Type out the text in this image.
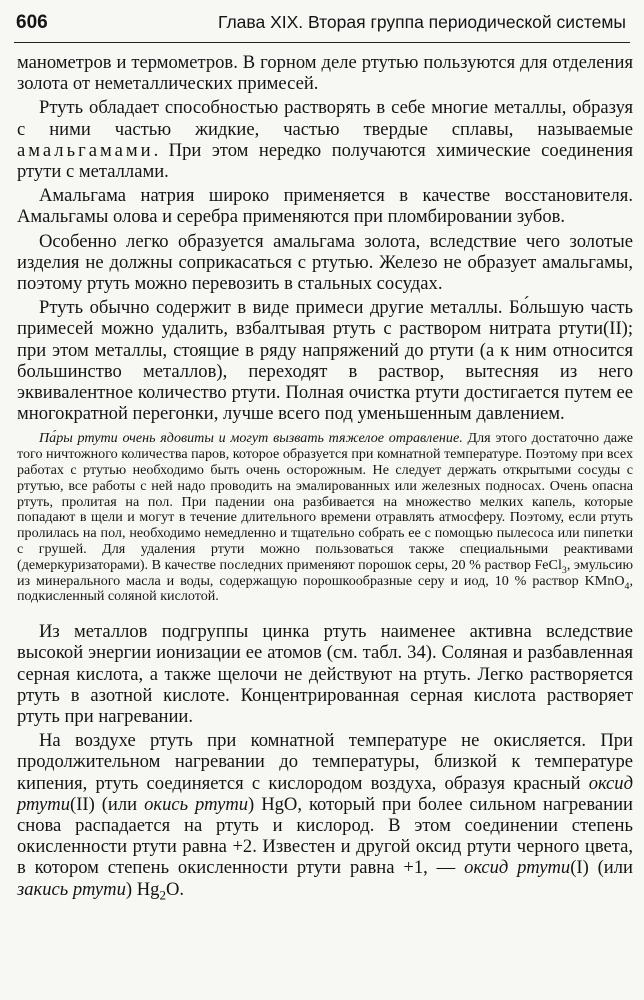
606	Глава XIX. Вторая группа периодической системы

манометров и термометров. В горном деле ртутью пользуются для отделения золота от неметаллических примесей.

Ртуть обладает способностью растворять в себе многие металлы, образуя с ними частью жидкие, частью твердые сплавы, называемые амальгамами. При этом нередко получаются химические соединения ртути с металлами.

Амальгама натрия широко применяется в качестве восстановителя. Амальгамы олова и серебра применяются при пломбировании зубов.

Особенно легко образуется амальгама золота, вследствие чего золотые изделия не должны соприкасаться с ртутью. Железо не образует амальгамы, поэтому ртуть можно перевозить в стальных сосудах.

Ртуть обычно содержит в виде примеси другие металлы. Бо́льшую часть примесей можно удалить, взбалтывая ртуть с раствором нитрата ртути(II); при этом металлы, стоящие в ряду напряжений до ртути (а к ним относится большинство металлов), переходят в раствор, вытесняя из него эквивалентное количество ртути. Полная очистка ртути достигается путем ее многократной перегонки, лучше всего под уменьшенным давлением.

Па́ры ртути очень ядовиты и могут вызвать тяжелое отравление. Для этого достаточно даже того ничтожного количества паров, которое образуется при комнатной температуре. Поэтому при всех работах с ртутью необходимо быть очень осторожным. Не следует держать открытыми сосуды с ртутью, все работы с ней надо проводить на эмалированных или железных подносах. Очень опасна ртуть, пролитая на пол. При падении она разбивается на множество мелких капель, которые попадают в щели и могут в течение длительного времени отравлять атмосферу. Поэтому, если ртуть пролилась на пол, необходимо немедленно и тщательно собрать ее с помощью пылесоса или пипетки с грушей. Для удаления ртути можно пользоваться также специальными реактивами (демеркуризаторами). В качестве последних применяют порошок серы, 20 % раствор FeCl$_3$, эмульсию из минерального масла и воды, содержащую порошкообразные серу и иод, 10 % раствор KMnO$_4$, подкисленный соляной кислотой.

Из металлов подгруппы цинка ртуть наименее активна вследствие высокой энергии ионизации ее атомов (см. табл. 34). Соляная и разбавленная серная кислота, а также щелочи не действуют на ртуть. Легко растворяется ртуть в азотной кислоте. Концентрированная серная кислота растворяет ртуть при нагревании.

На воздухе ртуть при комнатной температуре не окисляется. При продолжительном нагревании до температуры, близкой к температуре кипения, ртуть соединяется с кислородом воздуха, образуя красный оксид ртути(II) (или окись ртути) HgO, который при более сильном нагревании снова распадается на ртуть и кислород. В этом соединении степень окисленности ртути равна +2. Известен и другой оксид ртути черного цвета, в котором степень окисленности ртути равна +1, — оксид ртути(I) (или закись ртути) $Hg_2O$.
